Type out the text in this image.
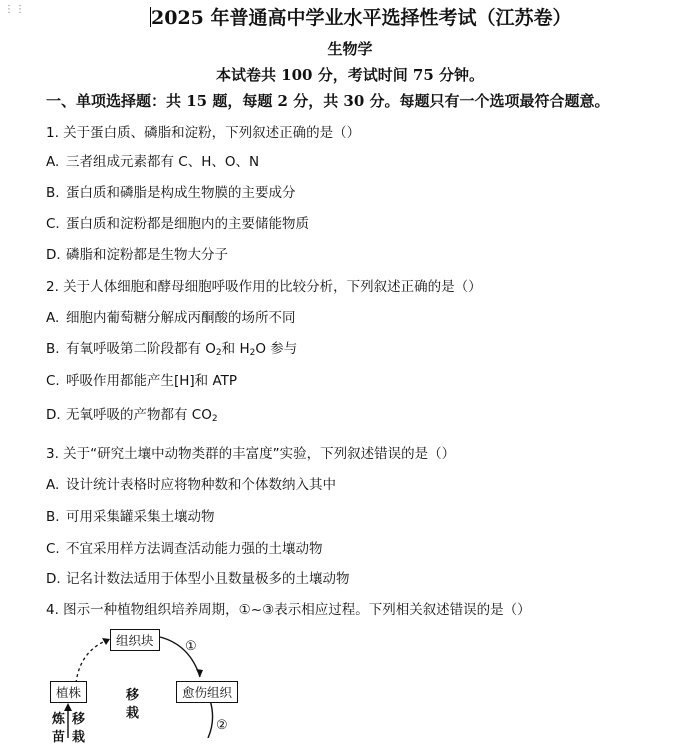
⋮⋮	2025 年普通高中学业水平选择性考试（江苏卷）
生物学
本试卷共 100 分，考试时间 75 分钟。
一、单项选择题：共 15 题，每题 2 分，共 30 分。每题只有一个选项最符合题意。
1. 关于蛋白质、磷脂和淀粉，下列叙述正确的是（）
A. 三者组成元素都有 C、H、O、N
B. 蛋白质和磷脂是构成生物膜的主要成分
C. 蛋白质和淀粉都是细胞内的主要储能物质
D. 磷脂和淀粉都是生物大分子
2. 关于人体细胞和酵母细胞呼吸作用的比较分析，下列叙述正确的是（）
A. 细胞内葡萄糖分解成丙酮酸的场所不同
B. 有氧呼吸第二阶段都有 $O_2$和 $H_2O$ 参与
C. 呼吸作用都能产生[H]和 ATP
D. 无氧呼吸的产物都有 $CO_2$
3. 关于“研究土壤中动物类群的丰富度”实验，下列叙述错误的是（）
A. 设计统计表格时应将物种数和个体数纳入其中
B. 可用采集罐采集土壤动物
C. 不宜采用样方法调查活动能力强的土壤动物
D. 记名计数法适用于体型小且数量极多的土壤动物
4. 图示一种植物组织培养周期，①~③表示相应过程。下列相关叙述错误的是（）
组织块	①
植株	移栽
愈伤组织
炼苗
移栽
②
